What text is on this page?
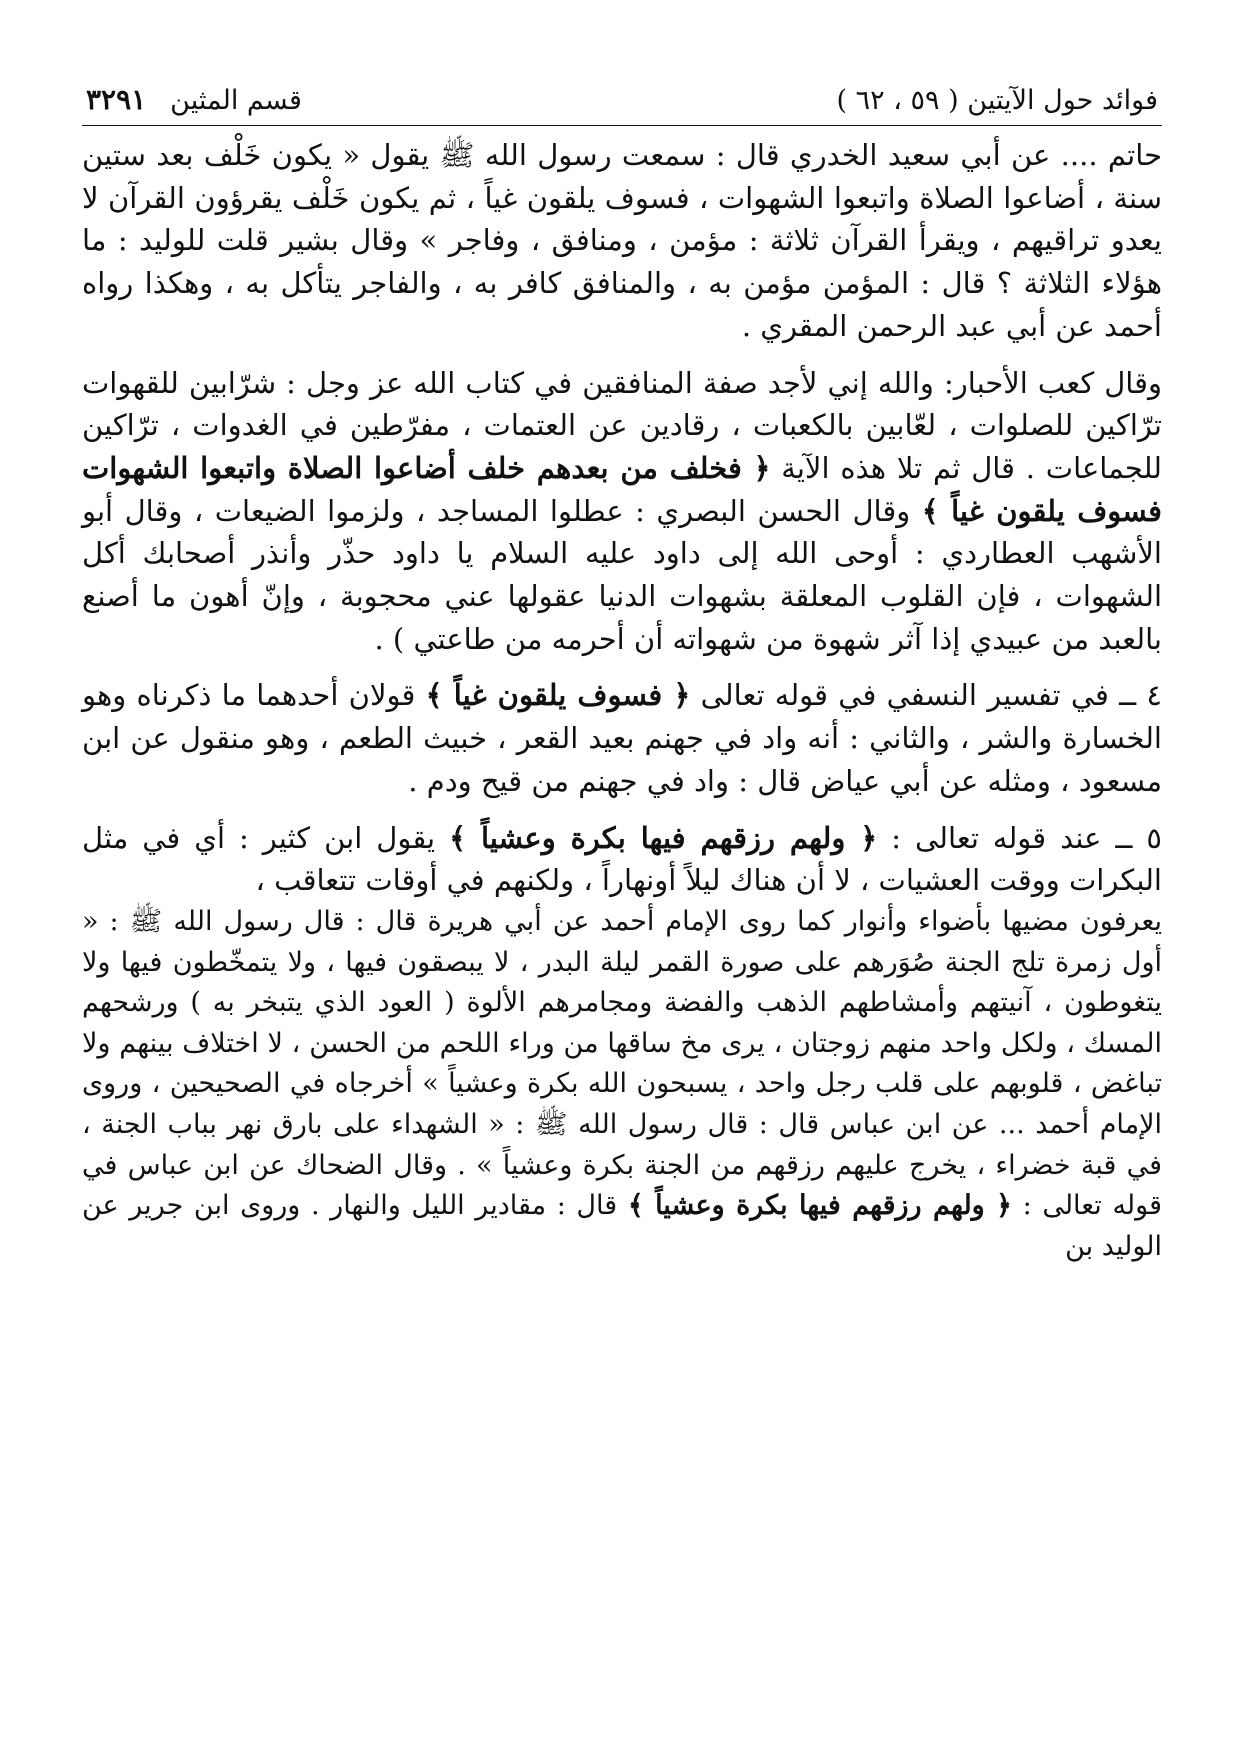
فوائد حول الآيتين ( ٥٩ ، ٦٢ )
قسم المثين
٣٢٩١

حاتم .... عن أبي سعيد الخدري قال : سمعت رسول الله ﷺ يقول « يكون خَلْف بعد ستين سنة ، أضاعوا الصلاة واتبعوا الشهوات ، فسوف يلقون غياً ، ثم يكون خَلْف يقرؤون القرآن لا يعدو تراقيهم ، ويقرأ القرآن ثلاثة : مؤمن ، ومنافق ، وفاجر » وقال بشير قلت للوليد : ما هؤلاء الثلاثة ؟ قال : المؤمن مؤمن به ، والمنافق كافر به ، والفاجر يتأكل به ، وهكذا رواه أحمد عن أبي عبد الرحمن المقري .

وقال كعب الأحبار: والله إني لأجد صفة المنافقين في كتاب الله عز وجل : شرّابين للقهوات ترّاكين للصلوات ، لعّابين بالكعبات ، رقادين عن العتمات ، مفرّطين في الغدوات ، ترّاكين للجماعات . قال ثم تلا هذه الآية ﴿ فخلف من بعدهم خلف أضاعوا الصلاة واتبعوا الشهوات فسوف يلقون غياً ﴾ وقال الحسن البصري : عطلوا المساجد ، ولزموا الضيعات ، وقال أبو الأشهب العطاردي : أوحى الله إلى داود عليه السلام يا داود حذّر وأنذر أصحابك أكل الشهوات ، فإن القلوب المعلقة بشهوات الدنيا عقولها عني محجوبة ، وإنّ أهون ما أصنع بالعبد من عبيدي إذا آثر شهوة من شهواته أن أحرمه من طاعتي ) .

٤ ــ في تفسير النسفي في قوله تعالى ﴿ فسوف يلقون غياً ﴾ قولان أحدهما ما ذكرناه وهو الخسارة والشر ، والثاني : أنه واد في جهنم بعيد القعر ، خبيث الطعم ، وهو منقول عن ابن مسعود ، ومثله عن أبي عياض قال : واد في جهنم من قيح ودم .

٥ ــ عند قوله تعالى : ﴿ ولهم رزقهم فيها بكرة وعشياً ﴾ يقول ابن كثير : أي في مثل البكرات ووقت العشيات ، لا أن هناك ليلاً أونهاراً ، ولكنهم في أوقات تتعاقب ،

يعرفون مضيها بأضواء وأنوار كما روى الإمام أحمد عن أبي هريرة قال : قال رسول الله ﷺ : « أول زمرة تلج الجنة صُوَرهم على صورة القمر ليلة البدر ، لا يبصقون فيها ، ولا يتمخّطون فيها ولا يتغوطون ، آنيتهم وأمشاطهم الذهب والفضة ومجامرهم الألوة ( العود الذي يتبخر به ) ورشحهم المسك ، ولكل واحد منهم زوجتان ، يرى مخ ساقها من وراء اللحم من الحسن ، لا اختلاف بينهم ولا تباغض ، قلوبهم على قلب رجل واحد ، يسبحون الله بكرة وعشياً » أخرجاه في الصحيحين ، وروى الإمام أحمد ... عن ابن عباس قال : قال رسول الله ﷺ : « الشهداء على بارق نهر بباب الجنة ، في قبة خضراء ، يخرج عليهم رزقهم من الجنة بكرة وعشياً » . وقال الضحاك عن ابن عباس في قوله تعالى : ﴿ ولهم رزقهم فيها بكرة وعشياً ﴾ قال : مقادير الليل والنهار . وروى ابن جرير عن الوليد بن
